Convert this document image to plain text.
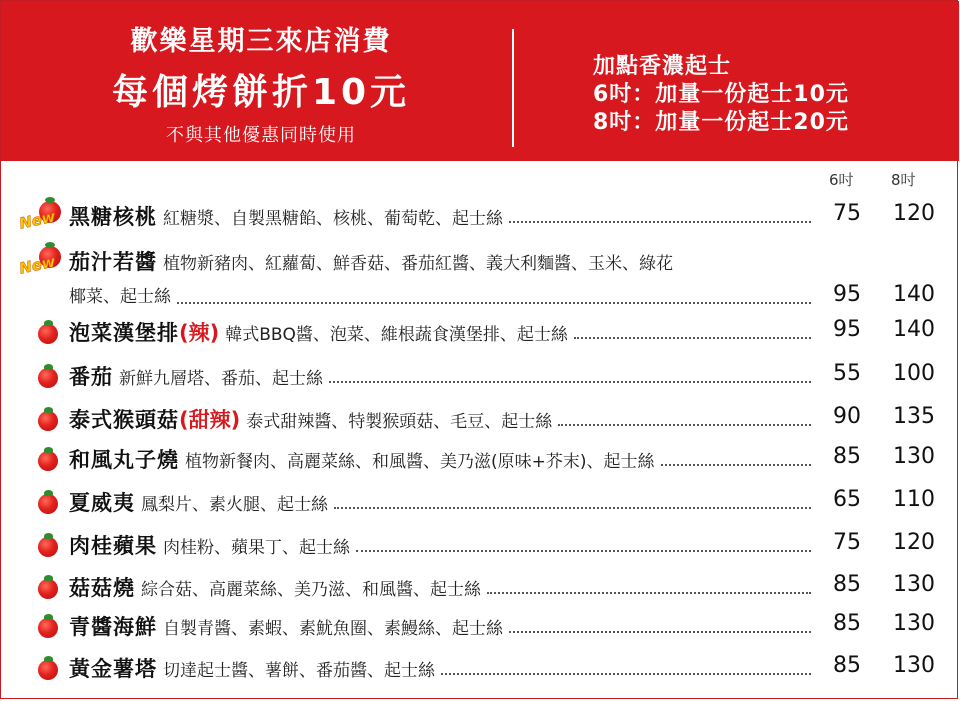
歡樂星期三來店消費
每個烤餅折10元
不與其他優惠同時使用
加點香濃起士
6吋：加量一份起士10元
8吋：加量一份起士20元
6吋 8吋
New 黑糖核桃 紅糖漿、自製黑糖餡、核桃、葡萄乾、起士絲	75	120
New 茄汁若醬 植物新豬肉、紅蘿蔔、鮮香菇、番茄紅醬、義大利麵醬、玉米、綠花
椰菜、起士絲	95	140
泡菜漢堡排 (辣) 韓式BBQ醬、泡菜、維根蔬食漢堡排、起士絲	95	140
番茄 新鮮九層塔、番茄、起士絲	55	100
泰式猴頭菇 (甜辣) 泰式甜辣醬、特製猴頭菇、毛豆、起士絲	90	135
和風丸子燒 植物新餐肉、高麗菜絲、和風醬、美乃滋(原味+芥末)、起士絲	85	130
夏威夷 鳳梨片、素火腿、起士絲	65	110
肉桂蘋果 肉桂粉、蘋果丁、起士絲	75	120
菇菇燒 綜合菇、高麗菜絲、美乃滋、和風醬、起士絲	85	130
青醬海鮮 自製青醬、素蝦、素魷魚圈、素鰻絲、起士絲	85	130
黃金薯塔 切達起士醬、薯餅、番茄醬、起士絲	85	130
